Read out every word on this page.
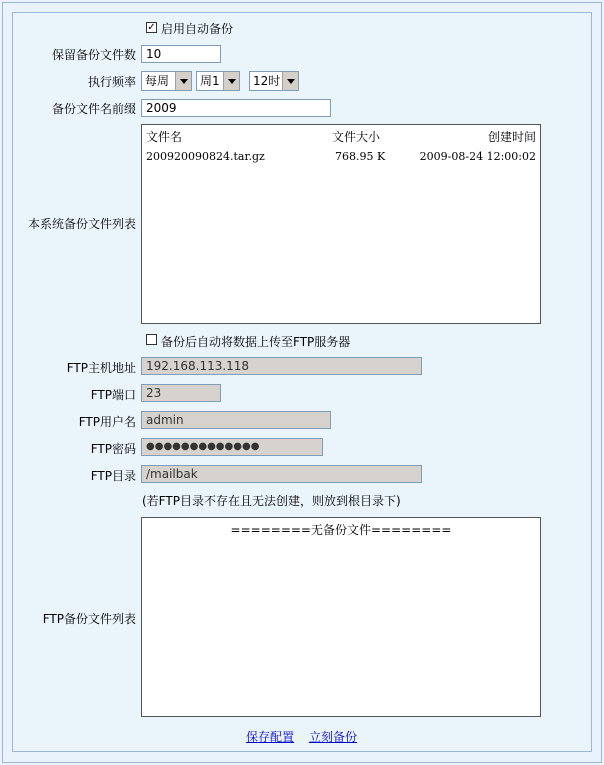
✓ 启用自动备份
保留备份文件数 10
执行频率 每周	周1	12时
备份文件名前缀 2009
本系统备份文件列表
文件名	文件大小	创建时间
200920090824.tar.gz	768.95 K	2009-08-24 12:00:02
备份后自动将数据上传至FTP服务器
FTP主机地址 192.168.113.118
FTP端口 23
FTP用户名 admin
FTP密码	●●●●●●●●●●●●●
FTP目录 /mailbak
(若FTP目录不存在且无法创建，则放到根目录下)
FTP备份文件列表
========无备份文件========
保存配置 立刻备份
